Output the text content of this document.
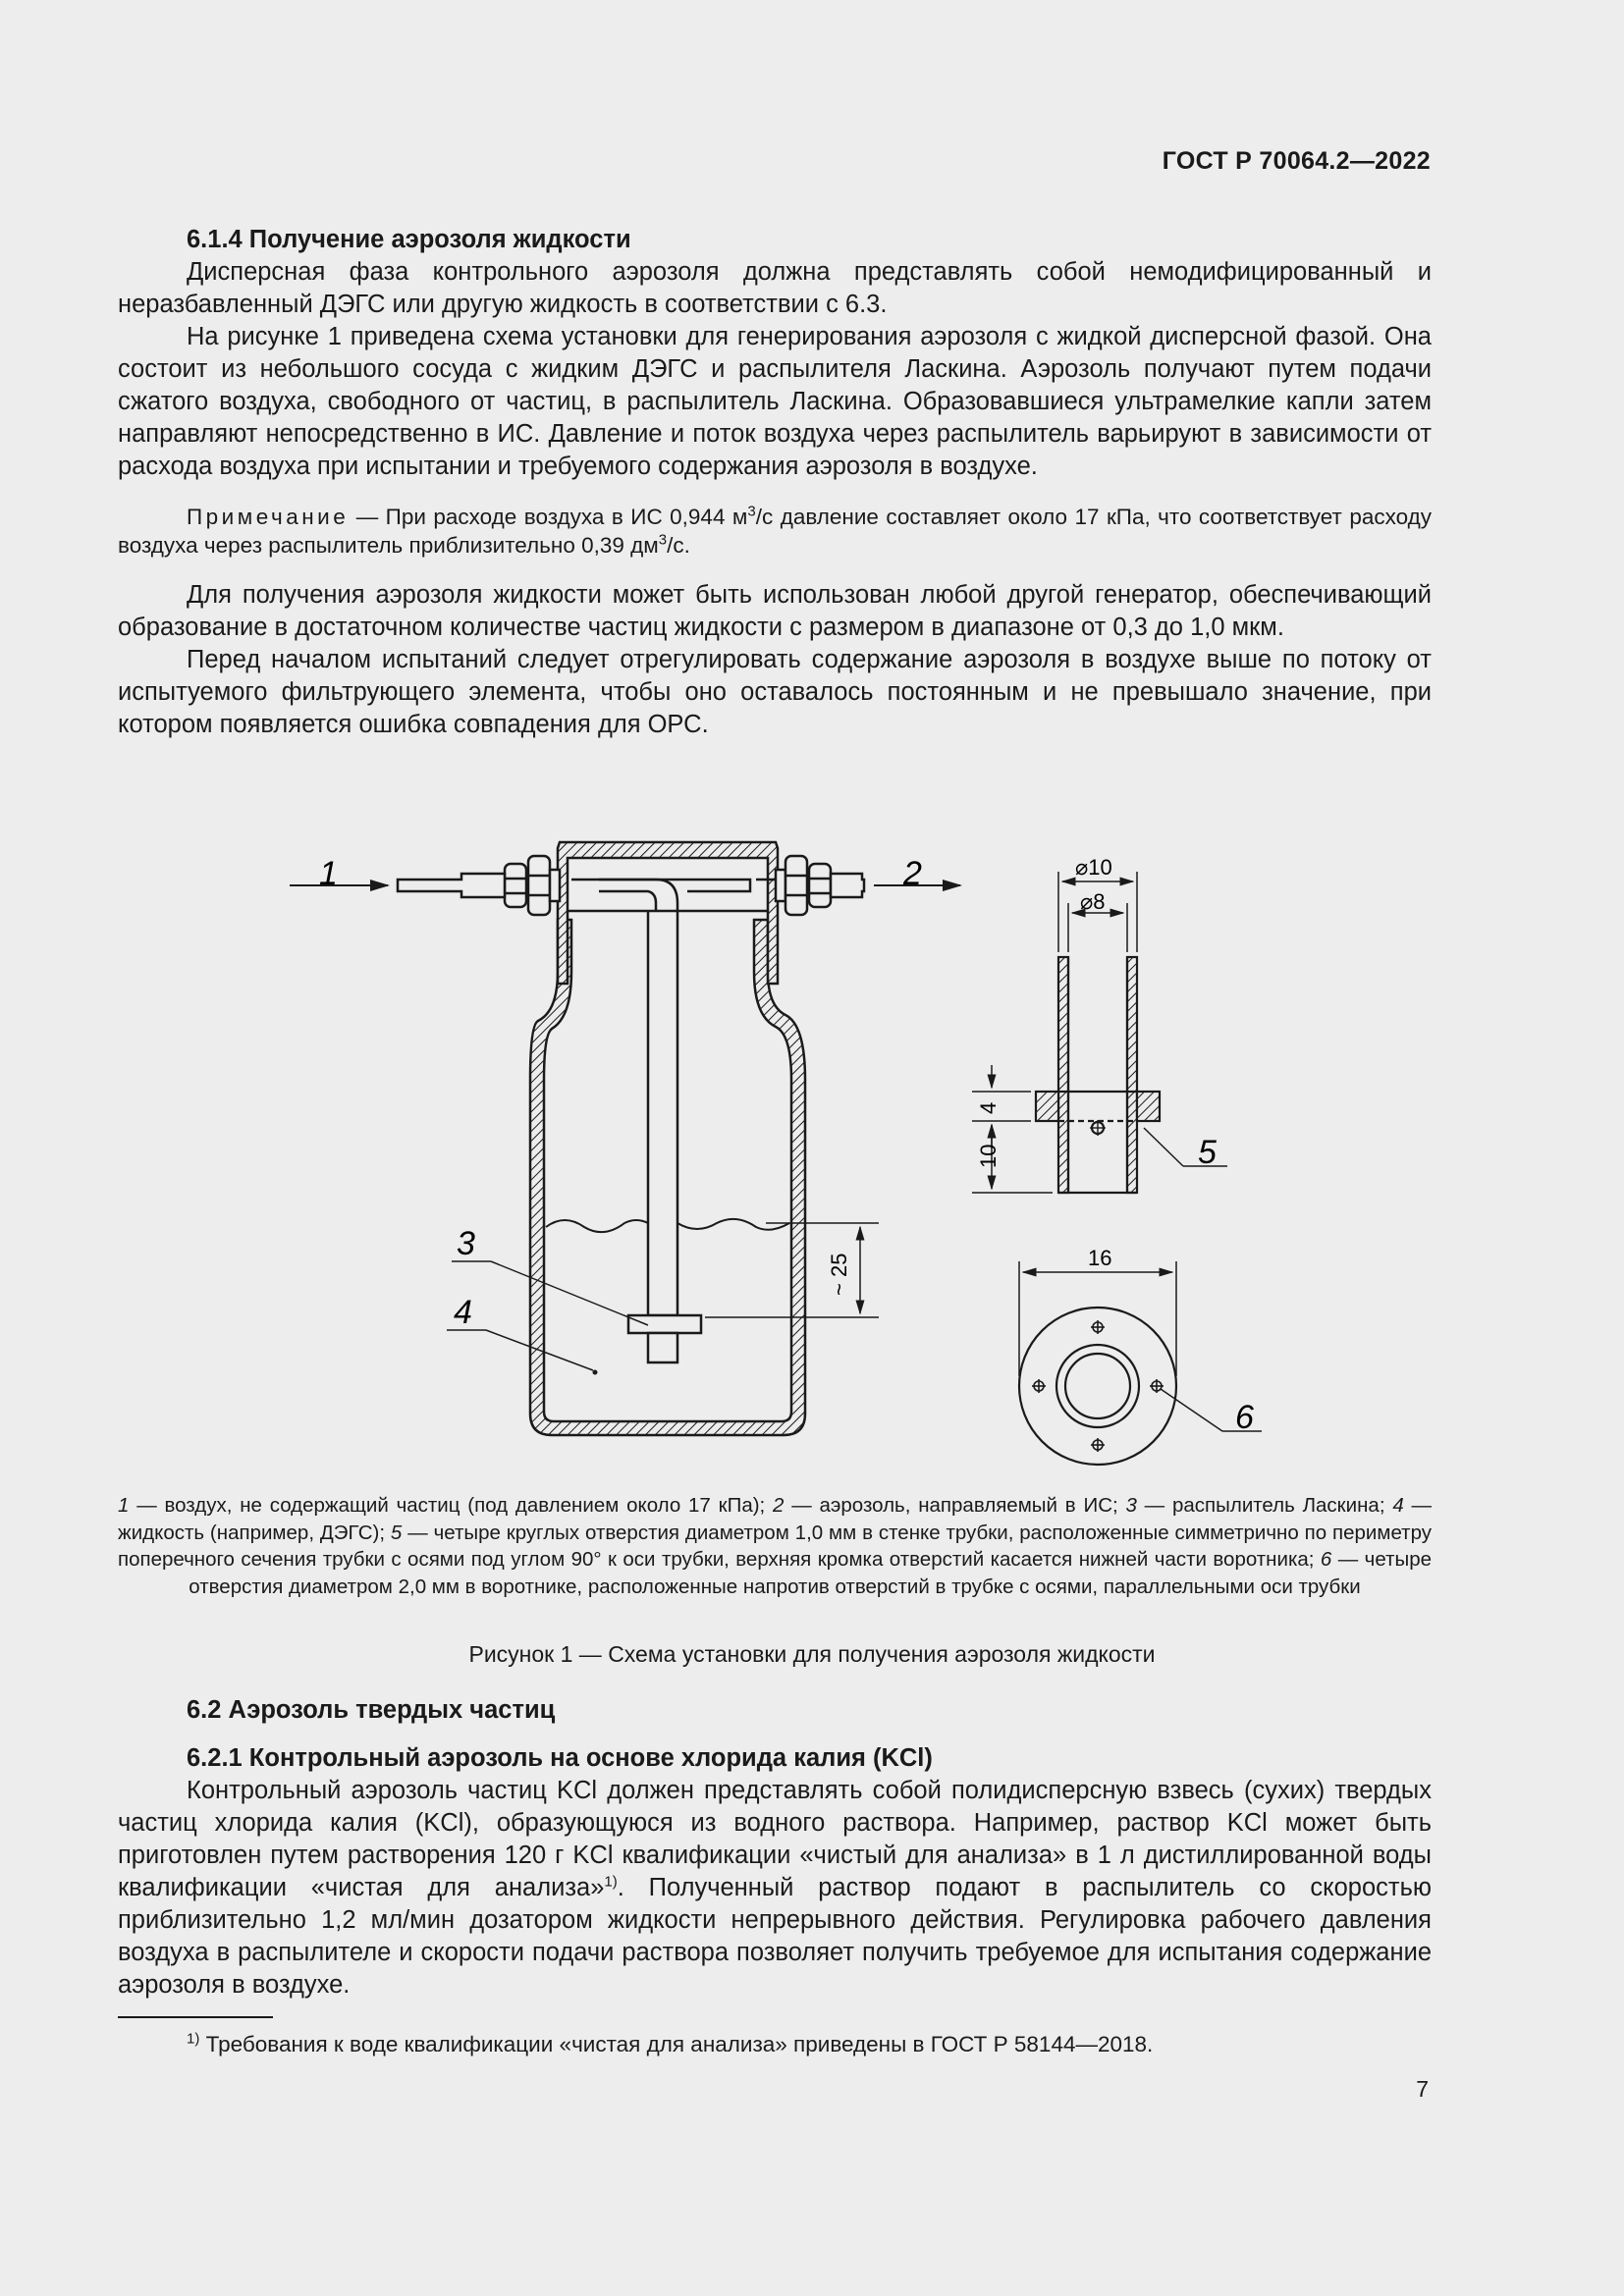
ГОСТ Р 70064.2—2022

6.1.4 Получение аэрозоля жидкости

Дисперсная фаза контрольного аэрозоля должна представлять собой немодифицированный и неразбавленный ДЭГС или другую жидкость в соответствии с 6.3.

На рисунке 1 приведена схема установки для генерирования аэрозоля с жидкой дисперсной фазой. Она состоит из небольшого сосуда с жидким ДЭГС и распылителя Ласкина. Аэрозоль получают путем подачи сжатого воздуха, свободного от частиц, в распылитель Ласкина. Образовавшиеся ультрамелкие капли затем направляют непосредственно в ИС. Давление и поток воздуха через распылитель варьируют в зависимости от расхода воздуха при испытании и требуемого содержания аэрозоля в воздухе.

Примечание — При расходе воздуха в ИС 0,944 $м^3/с$ давление составляет около 17 кПа, что соответствует расходу воздуха через распылитель приблизительно 0,39 $дм^3/с$.

Для получения аэрозоля жидкости может быть использован любой другой генератор, обеспечивающий образование в достаточном количестве частиц жидкости с размером в диапазоне от 0,3 до 1,0 мкм.

Перед началом испытаний следует отрегулировать содержание аэрозоля в воздухе выше по потоку от испытуемого фильтрующего элемента, чтобы оно оставалось постоянным и не превышало значение, при котором появляется ошибка совпадения для ОРС.

1	2
~ 25
3
4
⌀10
⌀8
4
10	5
16
6
1 — воздух, не содержащий частиц (под давлением около 17 кПа); 2 — аэрозоль, направляемый в ИС; 3 — распылитель Ласкина; 4 — жидкость (например, ДЭГС); 5 — четыре круглых отверстия диаметром 1,0 мм в стенке трубки, расположенные симметрично по периметру поперечного сечения трубки с осями под углом 90° к оси трубки, верхняя кромка отверстий касается нижней части воротника; 6 — четыре отверстия диаметром 2,0 мм в воротнике, расположенные напротив отверстий в трубке с осями, параллельными оси трубки
Рисунок 1 — Схема установки для получения аэрозоля жидкости

6.2 Аэрозоль твердых частиц

6.2.1 Контрольный аэрозоль на основе хлорида калия (KCl)

Контрольный аэрозоль частиц KCl должен представлять собой полидисперсную взвесь (сухих) твердых частиц хлорида калия (KCl), образующуюся из водного раствора. Например, раствор KCl может быть приготовлен путем растворения 120 г KCl квалификации «чистый для анализа» в 1 л дистиллированной воды квалификации «чистая для анализа»$^{1)}$. Полученный раствор подают в распылитель со скоростью приблизительно 1,2 мл/мин дозатором жидкости непрерывного действия. Регулировка рабочего давления воздуха в распылителе и скорости подачи раствора позволяет получить требуемое для испытания содержание аэрозоля в воздухе.

$^{1)}$ Требования к воде квалификации «чистая для анализа» приведены в ГОСТ Р 58144—2018.
7
